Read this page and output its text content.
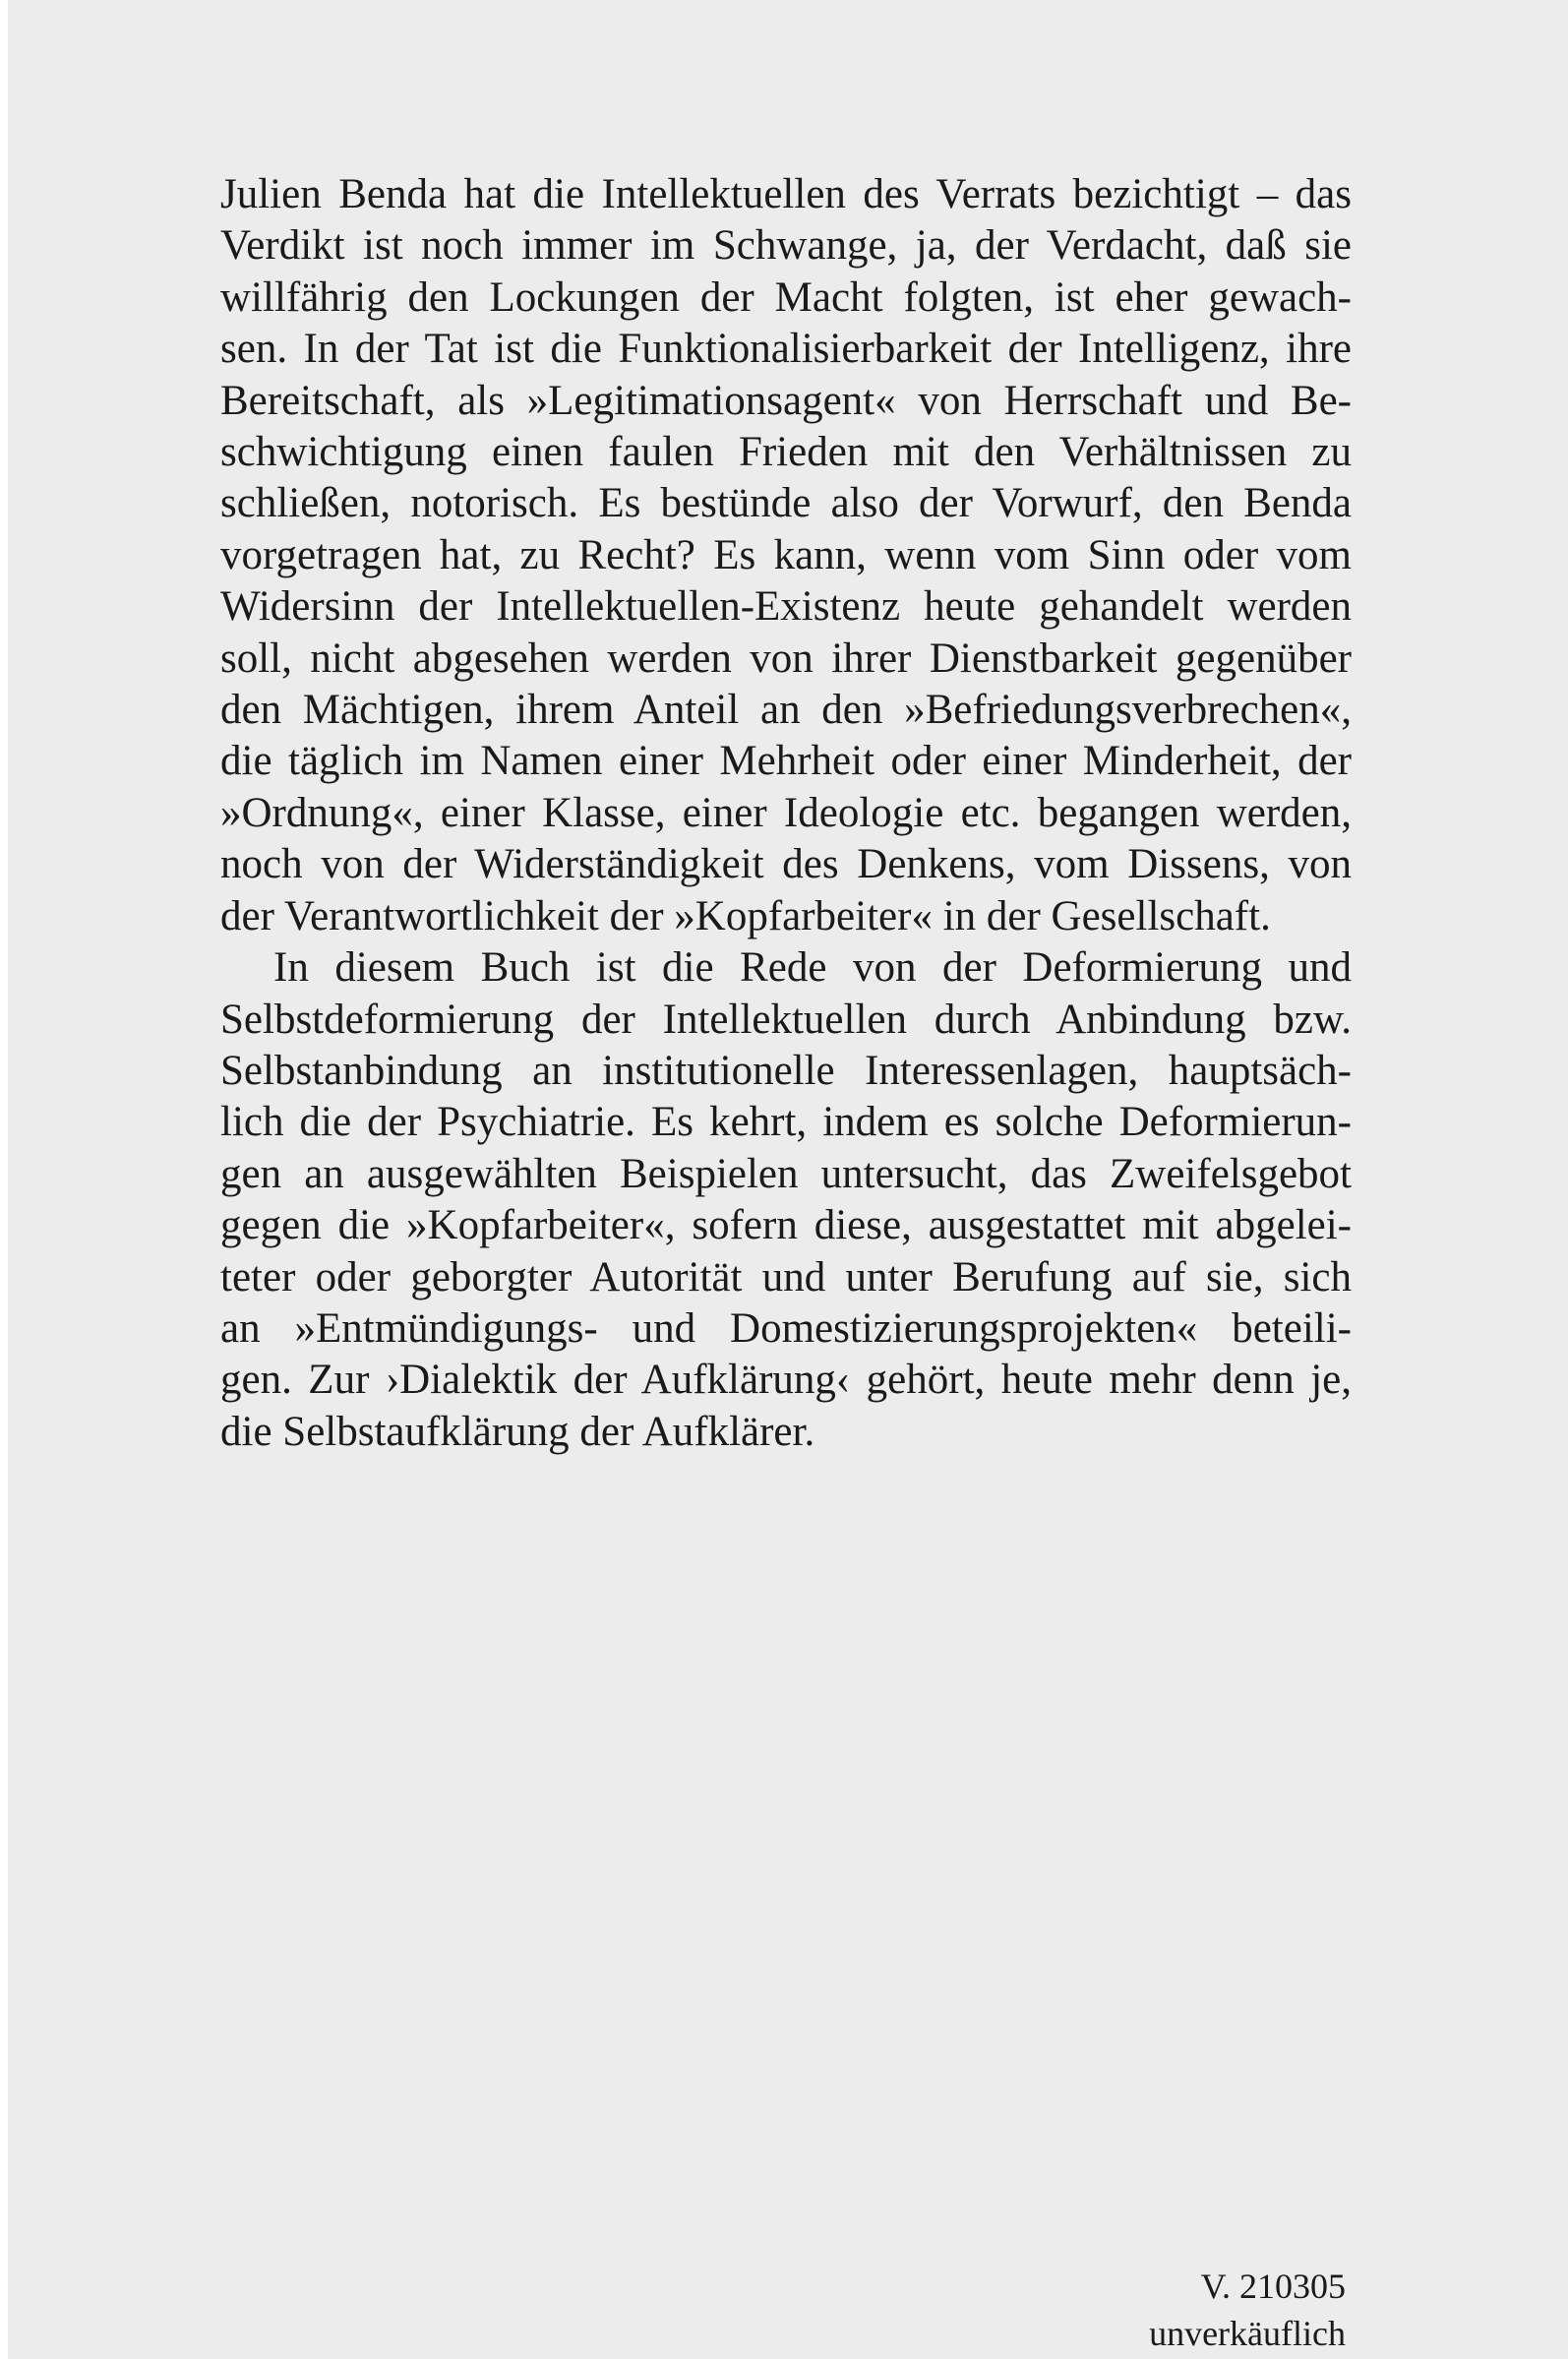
Julien Benda hat die Intellektuellen des Verrats bezichtigt – das
Verdikt ist noch immer im Schwange, ja, der Verdacht, daß sie
willfährig den Lockungen der Macht folgten, ist eher gewach-
sen. In der Tat ist die Funktionalisierbarkeit der Intelligenz, ihre
Bereitschaft, als »Legitimationsagent« von Herrschaft und Be-
schwichtigung einen faulen Frieden mit den Verhältnissen zu
schließen, notorisch. Es bestünde also der Vorwurf, den Benda
vorgetragen hat, zu Recht? Es kann, wenn vom Sinn oder vom
Widersinn der Intellektuellen-Existenz heute gehandelt werden
soll, nicht abgesehen werden von ihrer Dienstbarkeit gegenüber
den Mächtigen, ihrem Anteil an den »Befriedungsverbrechen«,
die täglich im Namen einer Mehrheit oder einer Minderheit, der
»Ordnung«, einer Klasse, einer Ideologie etc. begangen werden,
noch von der Widerständigkeit des Denkens, vom Dissens, von
der Verantwortlichkeit der »Kopfarbeiter« in der Gesellschaft.

In diesem Buch ist die Rede von der Deformierung und
Selbstdeformierung der Intellektuellen durch Anbindung bzw.
Selbstanbindung an institutionelle Interessenlagen, hauptsäch-
lich die der Psychiatrie. Es kehrt, indem es solche Deformierun-
gen an ausgewählten Beispielen untersucht, das Zweifelsgebot
gegen die »Kopfarbeiter«, sofern diese, ausgestattet mit abgelei-
teter oder geborgter Autorität und unter Berufung auf sie, sich
an »Entmündigungs- und Domestizierungsprojekten« beteili-
gen. Zur ›Dialektik der Aufklärung‹ gehört, heute mehr denn je,
die Selbstaufklärung der Aufklärer.

V. 210305
unverkäuflich
